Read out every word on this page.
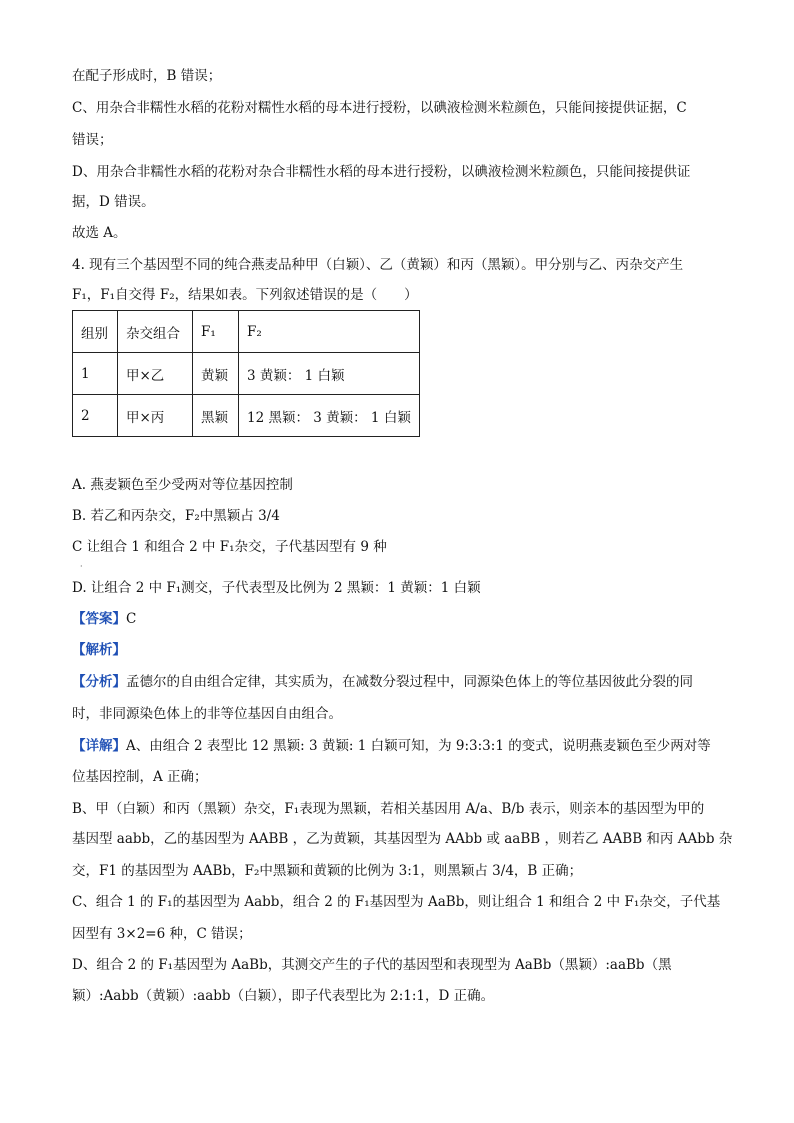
在配子形成时，B 错误；
C、用杂合非糯性水稻的花粉对糯性水稻的母本进行授粉，以碘液检测米粒颜色，只能间接提供证据，C
错误；
D、用杂合非糯性水稻的花粉对杂合非糯性水稻的母本进行授粉，以碘液检测米粒颜色，只能间接提供证
据，D 错误。
故选 A。
4. 现有三个基因型不同的纯合燕麦品种甲（白颖）、乙（黄颖）和丙（黑颖）。甲分别与乙、丙杂交产生
F₁，F₁自交得 F₂，结果如表。下列叙述错误的是（　　）
组别	杂交组合	F₁	F₂
1	甲×乙	黄颖	3 黄颖： 1 白颖
2	甲×丙	黑颖	12 黑颖： 3 黄颖： 1 白颖
A. 燕麦颖色至少受两对等位基因控制
B. 若乙和丙杂交，F₂中黑颖占 3/4
C 让组合 1 和组合 2 中 F₁杂交，子代基因型有 9 种
·
D. 让组合 2 中 F₁测交，子代表型及比例为 2 黑颖：1 黄颖：1 白颖
【答案】C
【解析】
【分析】孟德尔的自由组合定律，其实质为，在减数分裂过程中，同源染色体上的等位基因彼此分裂的同
时，非同源染色体上的非等位基因自由组合。
【详解】A、由组合 2 表型比 12 黑颖: 3 黄颖: 1 白颖可知，为 9:3:3:1 的变式，说明燕麦颖色至少两对等
位基因控制，A 正确；
B、甲（白颖）和丙（黑颖）杂交，F₁表现为黑颖，若相关基因用 A/a、B/b 表示，则亲本的基因型为甲的
基因型 aabb，乙的基因型为 AABB ，乙为黄颖，其基因型为 AAbb 或 aaBB ，则若乙 AABB 和丙 AAbb 杂
交，F1 的基因型为 AABb，F₂中黑颖和黄颖的比例为 3:1，则黑颖占 3/4，B 正确；
C、组合 1 的 F₁的基因型为 Aabb，组合 2 的 F₁基因型为 AaBb，则让组合 1 和组合 2 中 F₁杂交，子代基
因型有 3×2=6 种，C 错误；
D、组合 2 的 F₁基因型为 AaBb，其测交产生的子代的基因型和表现型为 AaBb（黑颖）:aaBb（黑
颖）:Aabb（黄颖）:aabb（白颖），即子代表型比为 2:1:1，D 正确。
